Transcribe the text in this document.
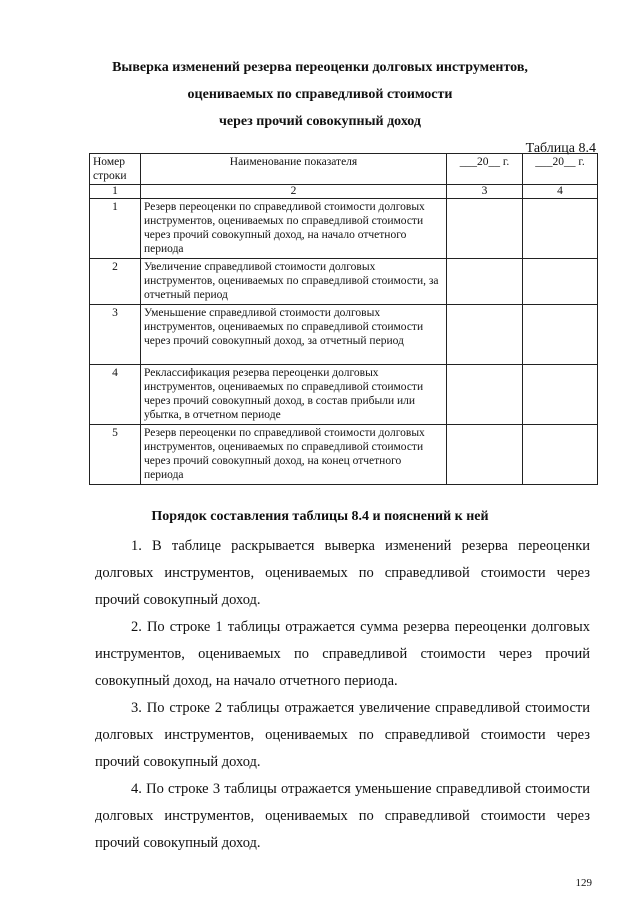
Выверка изменений резерва переоценки долговых инструментов,
оцениваемых по справедливой стоимости
через прочий совокупный доход
Таблица 8.4
Номер строки	Наименование показателя	___20__ г.	___20__ г.
1	2	3	4
1	Резерв переоценки по справедливой стоимости долговых инструментов, оцениваемых по справедливой стоимости через прочий совокупный доход, на начало отчетного периода		
2	Увеличение справедливой стоимости долговых инструментов, оцениваемых по справедливой стоимости, за отчетный период		
3	Уменьшение справедливой стоимости долговых инструментов, оцениваемых по справедливой стоимости через прочий совокупный доход, за отчетный период		
4	Реклассификация резерва переоценки долговых инструментов, оцениваемых по справедливой стоимости через прочий совокупный доход, в состав прибыли или убытка, в отчетном периоде		
5	Резерв переоценки по справедливой стоимости долговых инструментов, оцениваемых по справедливой стоимости через прочий совокупный доход, на конец отчетного периода		
Порядок составления таблицы 8.4 и пояснений к ней

1. В таблице раскрывается выверка изменений резерва переоценки долговых инструментов, оцениваемых по справедливой стоимости через прочий совокупный доход.

2. По строке 1 таблицы отражается сумма резерва переоценки долговых инструментов, оцениваемых по справедливой стоимости через прочий совокупный доход, на начало отчетного периода.

3. По строке 2 таблицы отражается увеличение справедливой стоимости долговых инструментов, оцениваемых по справедливой стоимости через прочий совокупный доход.

4. По строке 3 таблицы отражается уменьшение справедливой стоимости долговых инструментов, оцениваемых по справедливой стоимости через прочий совокупный доход.

129
